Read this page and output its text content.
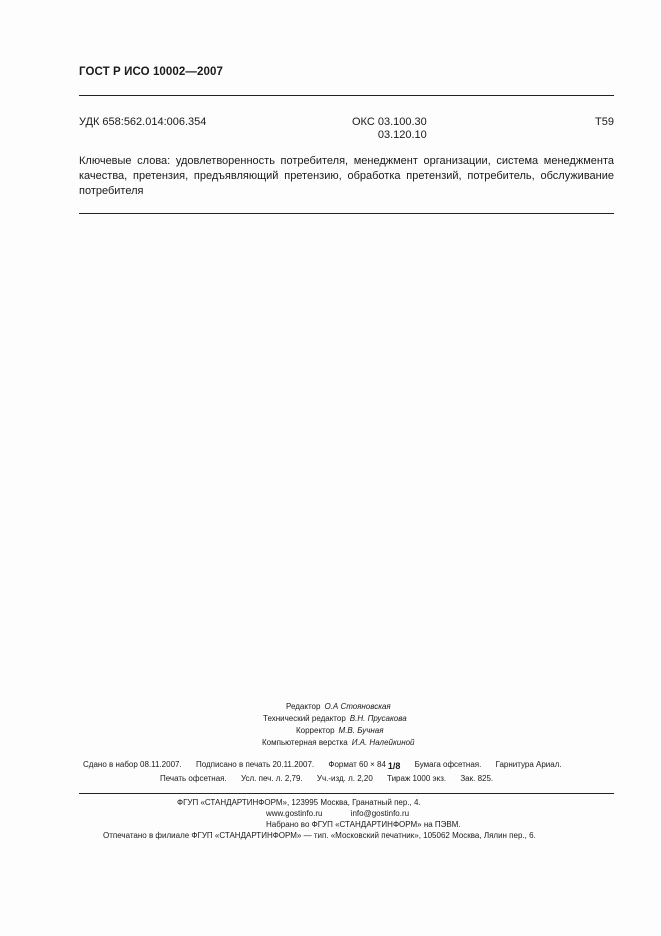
ГОСТ Р ИСО 10002—2007
УДК 658:562.014:006.354	ОКС 03.100.30
03.120.10
Т59
Ключевые слова: удовлетворенность потребителя, менеджмент организации, система менеджмента качества, претензия, предъявляющий претензию, обработка претензий, потребитель, обслуживание потребителя
Редактор О.А Стояновская
Технический редактор В.Н. Прусакова
Корректор М.В. Бучная
Компьютерная верстка И.А. Налейкиной
Сдано в набор 08.11.2007. Подписано в печать 20.11.2007. Формат 60 × 84 1/8 Бумага офсетная. Гарнитура Ариал.
Печать офсетная. Усл. печ. л. 2,79. Уч.-изд. л. 2,20 Тираж 1000 экз. Зак. 825.
ФГУП «СТАНДАРТИНФОРМ», 123995 Москва, Гранатный пер., 4.
www.gostinfo.ru	info@gostinfo.ru
Набрано во ФГУП «СТАНДАРТИНФОРМ» на ПЭВМ.
Отпечатано в филиале ФГУП «СТАНДАРТИНФОРМ» — тип. «Московский печатник», 105062 Москва, Лялин пер., 6.
